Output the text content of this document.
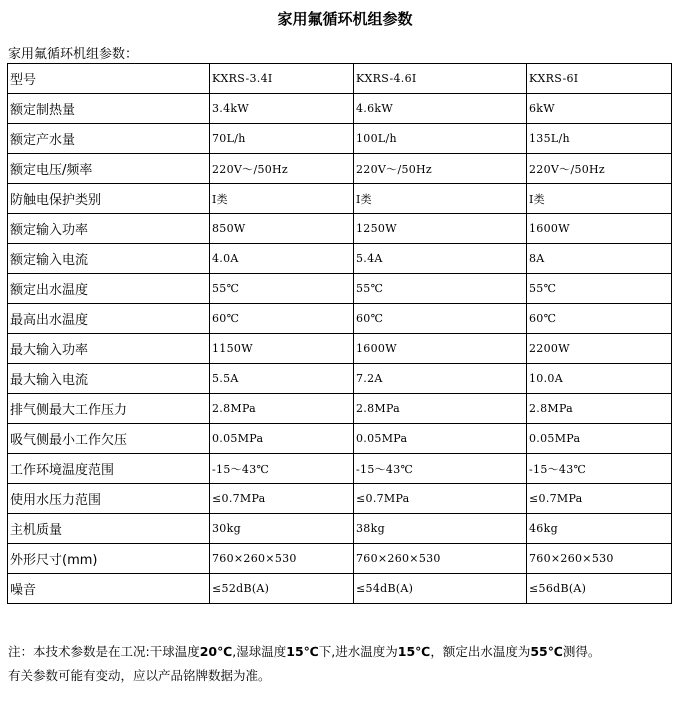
家用氟循环机组参数
家用氟循环机组参数：
型号	KXRS-3.4Ⅰ	KXRS-4.6Ⅰ	KXRS-6Ⅰ
额定制热量	3.4kW	4.6kW	6kW
额定产水量	70L/h	100L/h	135L/h
额定电压/频率	220V～/50Hz	220V～/50Hz	220V～/50Hz
防触电保护类别	I类	I类	I类
额定输入功率	850W	1250W	1600W
额定输入电流	4.0A	5.4A	8A
额定出水温度	55℃	55℃	55℃
最高出水温度	60℃	60℃	60℃
最大输入功率	1150W	1600W	2200W
最大输入电流	5.5A	7.2A	10.0A
排气侧最大工作压力	2.8MPa	2.8MPa	2.8MPa
吸气侧最小工作欠压	0.05MPa	0.05MPa	0.05MPa
工作环境温度范围	-15～43℃	-15～43℃	-15～43℃
使用水压力范围	≤0.7MPa	≤0.7MPa	≤0.7MPa
主机质量	30kg	38kg	46kg
外形尺寸(mm)	760×260×530	760×260×530	760×260×530
噪音	≤52dB(A)	≤54dB(A)	≤56dB(A)
注：本技术参数是在工况:干球温度20℃,湿球温度15℃下,进水温度为15℃，额定出水温度为55℃测得。
有关参数可能有变动，应以产品铭牌数据为准。
